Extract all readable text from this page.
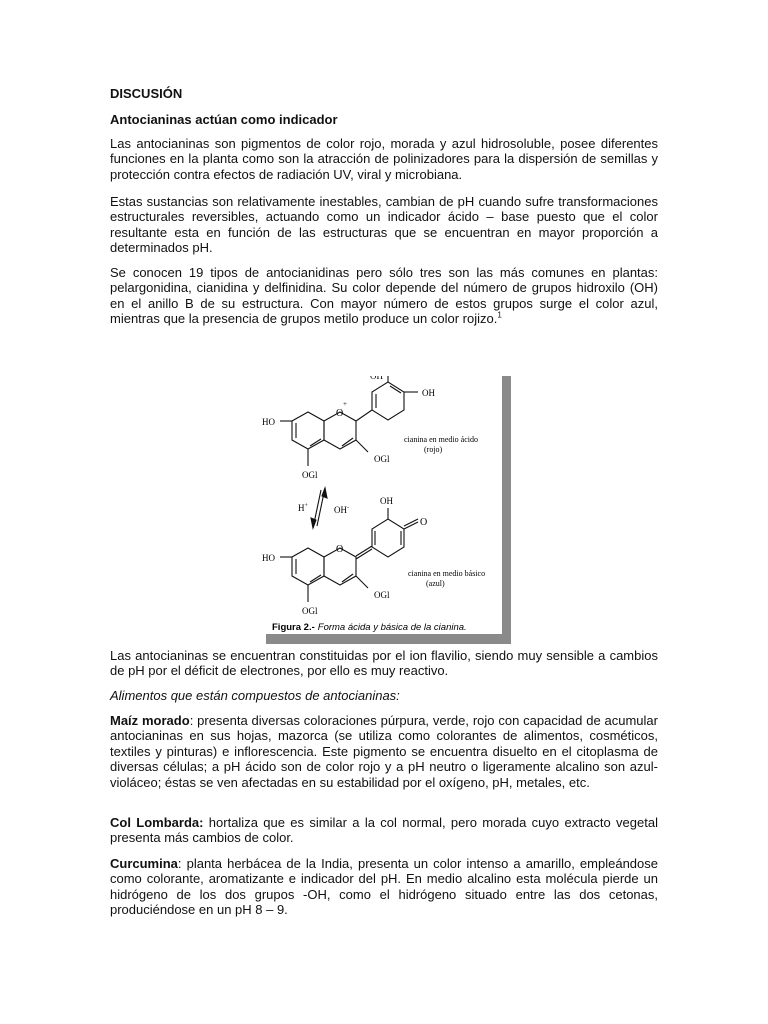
DISCUSIÓN
Antocianinas actúan como indicador
Las antocianinas son pigmentos de color rojo, morada y azul hidrosoluble, posee diferentes funciones en la planta como son la atracción de polinizadores para la dispersión de semillas y protección contra efectos de radiación UV, viral y microbiana.
Estas sustancias son relativamente inestables, cambian de pH cuando sufre transformaciones estructurales reversibles, actuando como un indicador ácido – base puesto que el color resultante esta en función de las estructuras que se encuentran en mayor proporción a determinados pH.
Se conocen 19 tipos de antocianidinas pero sólo tres son las más comunes en plantas: pelargonidina, cianidina y delfinidina. Su color depende del número de grupos hidroxilo (OH) en el anillo B de su estructura. Con mayor número de estos grupos surge el color azul, mientras que la presencia de grupos metilo produce un color rojizo.$^1$
OH
OH
HO
O
+
OGl
OGl
cianina en medio ácido
(rojo)
H+	OH-
OH
HO
O
O
OGl
OGl
cianina en medio básico
(azul)
Figura 2.- Forma ácida y básica de la cianina.
Las antocianinas se encuentran constituidas por el ion flavilio, siendo muy sensible a cambios de pH por el déficit de electrones, por ello es muy reactivo.
Alimentos que están compuestos de antocianinas:
Maíz morado: presenta diversas coloraciones púrpura, verde, rojo con capacidad de acumular antocianinas en sus hojas, mazorca (se utiliza como colorantes de alimentos, cosméticos, textiles y pinturas) e inflorescencia. Este pigmento se encuentra disuelto en el citoplasma de diversas células; a pH ácido son de color rojo y a pH neutro o ligeramente alcalino son azul-violáceo; éstas se ven afectadas en su estabilidad por el oxígeno, pH, metales, etc.
Col Lombarda: hortaliza que es similar a la col normal, pero morada cuyo extracto vegetal presenta más cambios de color.
Curcumina: planta herbácea de la India, presenta un color intenso a amarillo, empleándose como colorante, aromatizante e indicador del pH. En medio alcalino esta molécula pierde un hidrógeno de los dos grupos -OH, como el hidrógeno situado entre las dos cetonas, produciéndose en un pH 8 – 9.
